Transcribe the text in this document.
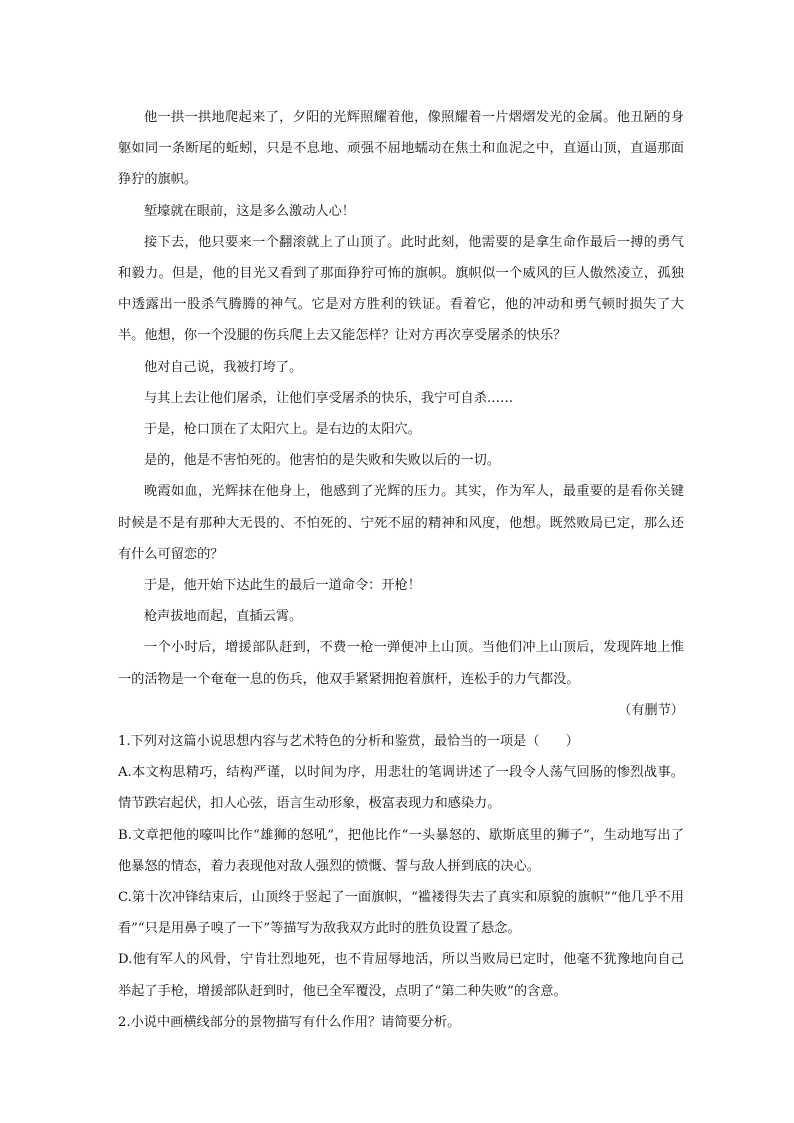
他一拱一拱地爬起来了，夕阳的光辉照耀着他，像照耀着一片熠熠发光的金属。他丑陋的身躯如同一条断尾的蚯蚓，只是不息地、顽强不屈地蠕动在焦土和血泥之中，直逼山顶，直逼那面狰狞的旗帜。

堑壕就在眼前，这是多么激动人心！

接下去，他只要来一个翻滚就上了山顶了。此时此刻，他需要的是拿生命作最后一搏的勇气和毅力。但是，他的目光又看到了那面狰狞可怖的旗帜。旗帜似一个威风的巨人傲然凌立，孤独中透露出一股杀气腾腾的神气。它是对方胜利的铁证。看着它，他的冲动和勇气顿时损失了大半。他想，你一个没腿的伤兵爬上去又能怎样？让对方再次享受屠杀的快乐？

他对自己说，我被打垮了。

与其上去让他们屠杀，让他们享受屠杀的快乐，我宁可自杀……

于是，枪口顶在了太阳穴上。是右边的太阳穴。

是的，他是不害怕死的。他害怕的是失败和失败以后的一切。

晚霞如血，光辉抹在他身上，他感到了光辉的压力。其实，作为军人，最重要的是看你关键时候是不是有那种大无畏的、不怕死的、宁死不屈的精神和风度，他想。既然败局已定，那么还有什么可留恋的？

于是，他开始下达此生的最后一道命令：开枪！

枪声拔地而起，直插云霄。

一个小时后，增援部队赶到，不费一枪一弹便冲上山顶。当他们冲上山顶后，发现阵地上惟一的活物是一个奄奄一息的伤兵，他双手紧紧拥抱着旗杆，连松手的力气都没。

（有删节）

1.下列对这篇小说思想内容与艺术特色的分析和鉴赏，最恰当的一项是（　　）

A.本文构思精巧，结构严谨，以时间为序，用悲壮的笔调讲述了一段令人荡气回肠的惨烈战事。情节跌宕起伏，扣人心弦，语言生动形象，极富表现力和感染力。

B.文章把他的嚎叫比作“雄狮的怒吼”，把他比作“一头暴怒的、歇斯底里的狮子”，生动地写出了他暴怒的情态，着力表现他对敌人强烈的愤慨、誓与敌人拼到底的决心。

C.第十次冲锋结束后，山顶终于竖起了一面旗帜，“褴褛得失去了真实和原貌的旗帜”“他几乎不用看”“只是用鼻子嗅了一下”等描写为敌我双方此时的胜负设置了悬念。

D.他有军人的风骨，宁肯壮烈地死，也不肯屈辱地活，所以当败局已定时，他毫不犹豫地向自己举起了手枪，增援部队赶到时，他已全军覆没，点明了“第二种失败”的含意。

2.小说中画横线部分的景物描写有什么作用？请简要分析。
